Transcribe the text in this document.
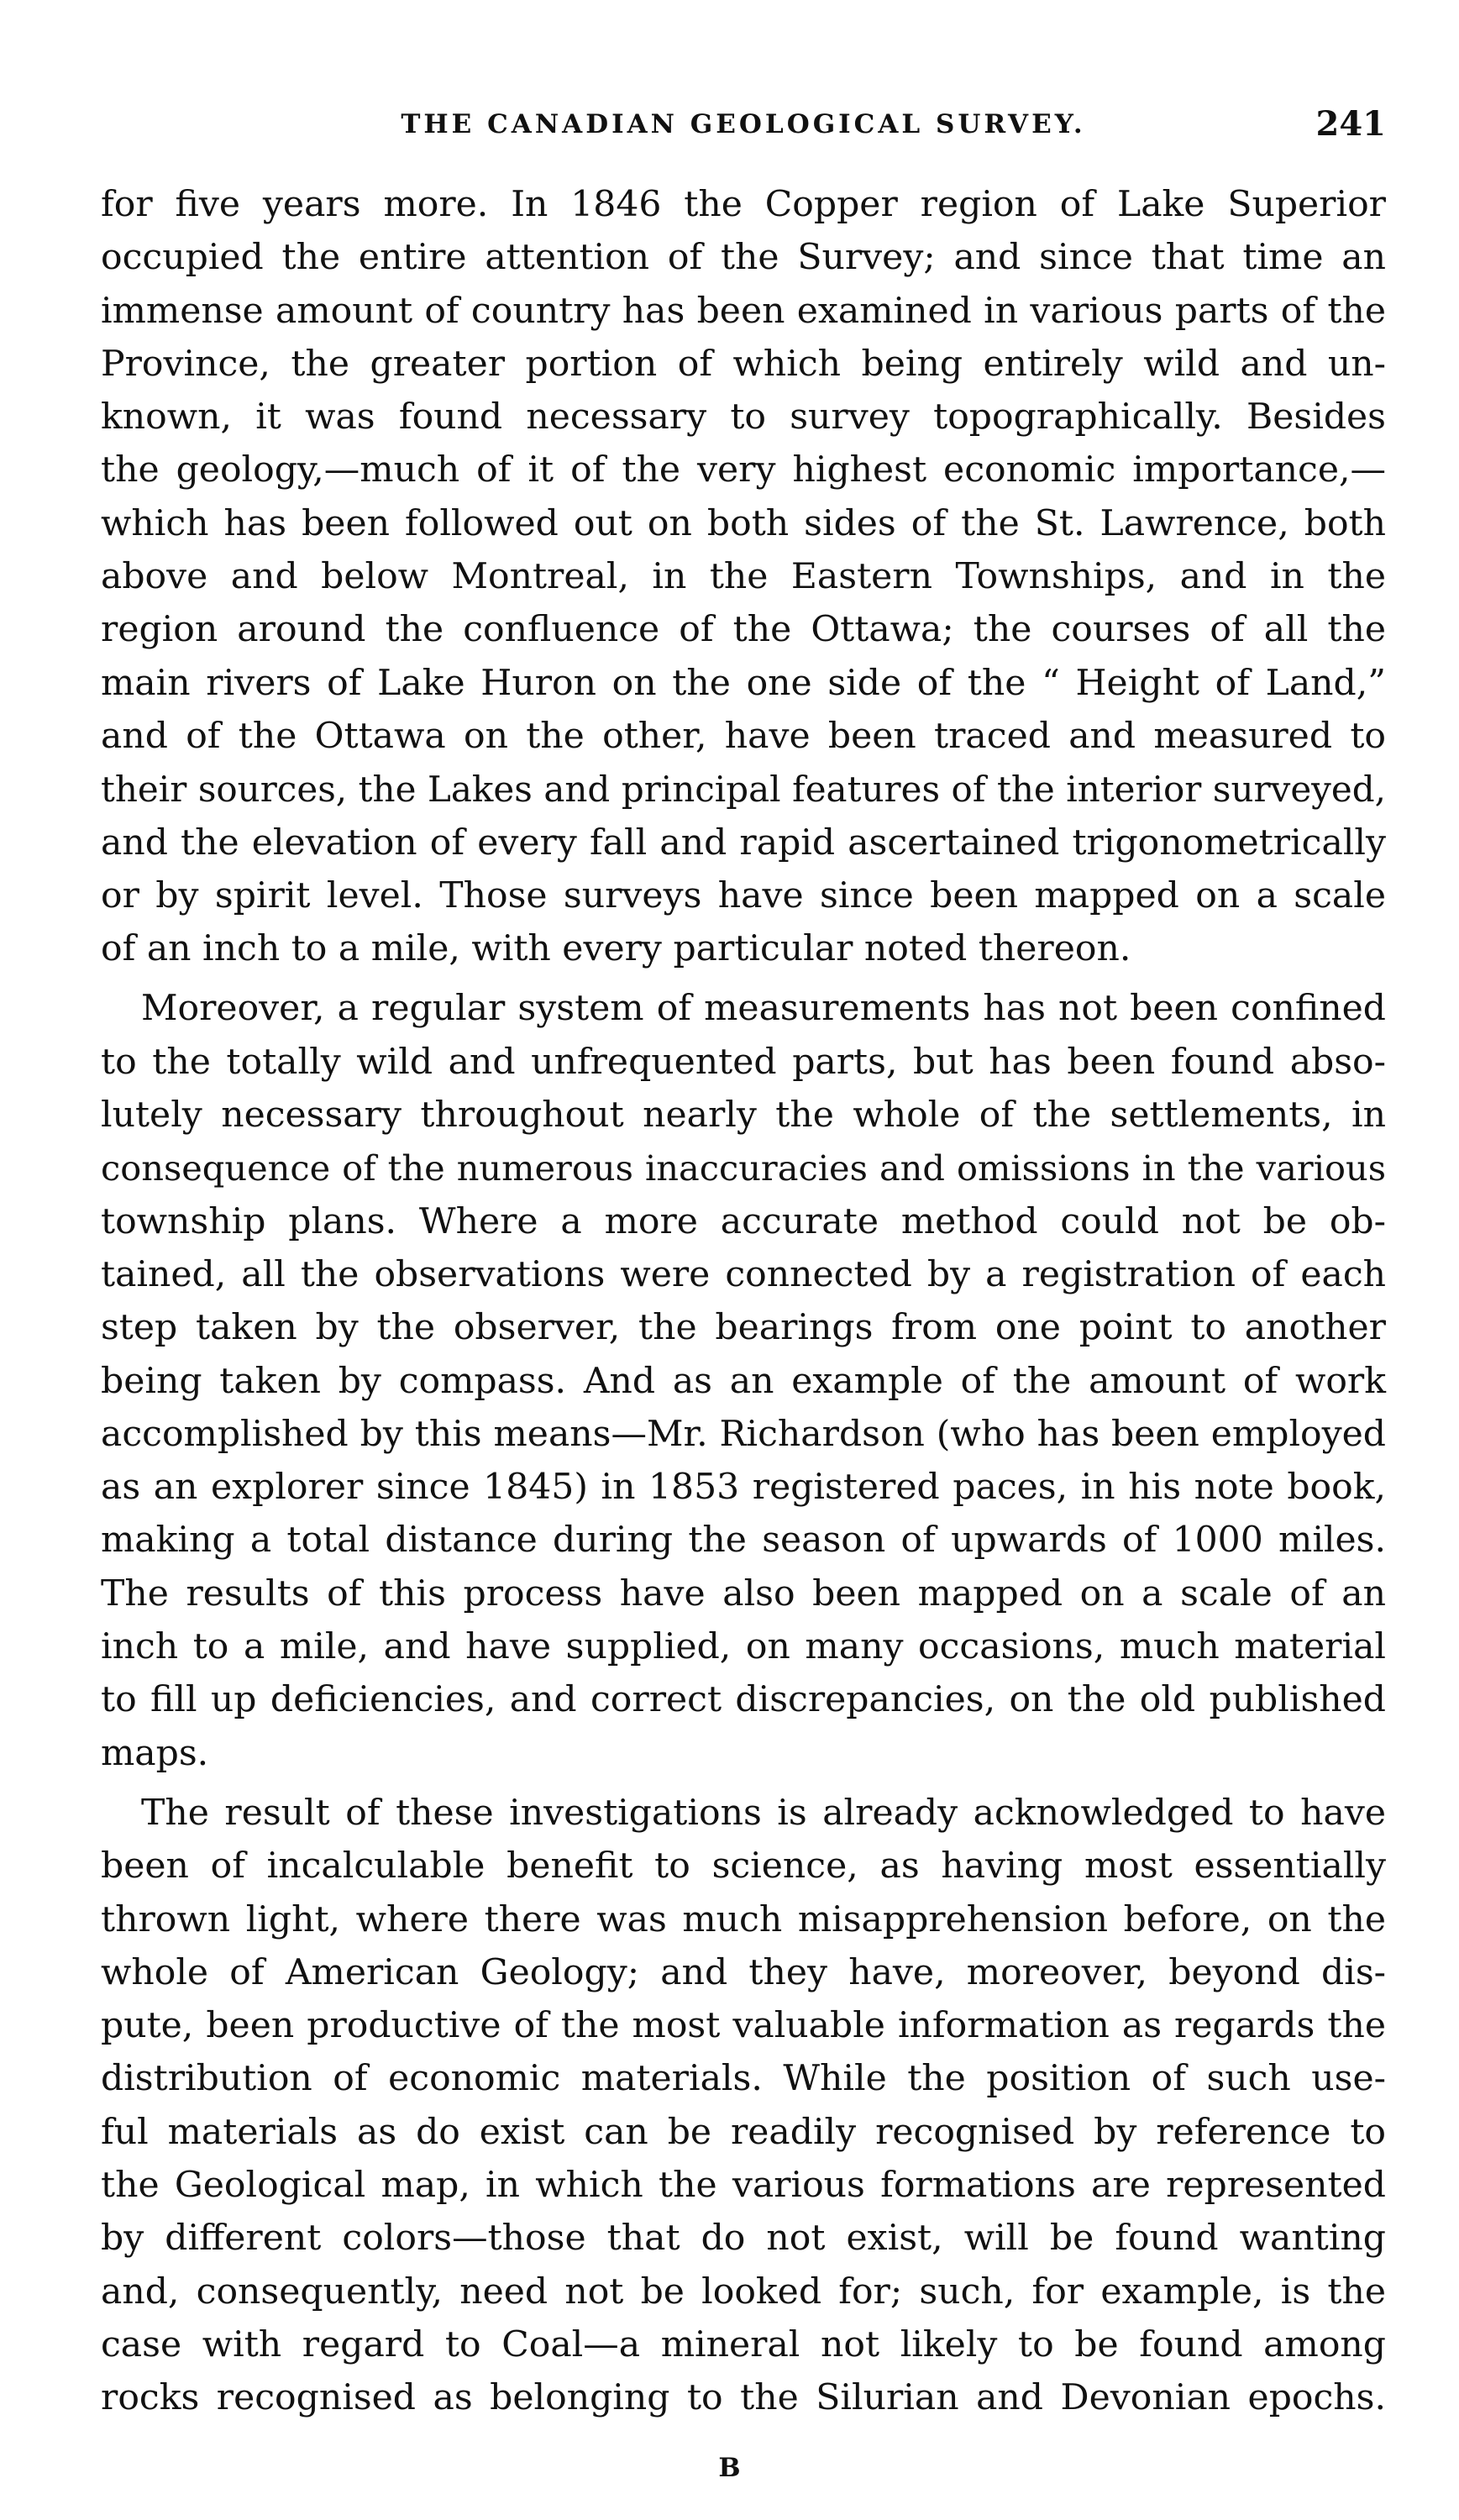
THE CANADIAN GEOLOGICAL SURVEY.	241
for five years more. In 1846 the Copper region of Lake Superior
occupied the entire attention of the Survey; and since that time an
immense amount of country has been examined in various parts of the
Province, the greater portion of which being entirely wild and un-
known, it was found necessary to survey topographically. Besides
the geology,—much of it of the very highest economic importance,—
which has been followed out on both sides of the St. Lawrence, both
above and below Montreal, in the Eastern Townships, and in the
region around the confluence of the Ottawa; the courses of all the
main rivers of Lake Huron on the one side of the “ Height of Land,”
and of the Ottawa on the other, have been traced and measured to
their sources, the Lakes and principal features of the interior surveyed,
and the elevation of every fall and rapid ascertained trigonometrically
or by spirit level. Those surveys have since been mapped on a scale
of an inch to a mile, with every particular noted thereon.
Moreover, a regular system of measurements has not been confined
to the totally wild and unfrequented parts, but has been found abso-
lutely necessary throughout nearly the whole of the settlements, in
consequence of the numerous inaccuracies and omissions in the various
township plans. Where a more accurate method could not be ob-
tained, all the observations were connected by a registration of each
step taken by the observer, the bearings from one point to another
being taken by compass. And as an example of the amount of work
accomplished by this means—Mr. Richardson (who has been employed
as an explorer since 1845) in 1853 registered paces, in his note book,
making a total distance during the season of upwards of 1000 miles.
The results of this process have also been mapped on a scale of an
inch to a mile, and have supplied, on many occasions, much material
to fill up deficiencies, and correct discrepancies, on the old published
maps.
The result of these investigations is already acknowledged to have
been of incalculable benefit to science, as having most essentially
thrown light, where there was much misapprehension before, on the
whole of American Geology; and they have, moreover, beyond dis-
pute, been productive of the most valuable information as regards the
distribution of economic materials. While the position of such use-
ful materials as do exist can be readily recognised by reference to
the Geological map, in which the various formations are represented
by different colors—those that do not exist, will be found wanting
and, consequently, need not be looked for; such, for example, is the
case with regard to Coal—a mineral not likely to be found among
rocks recognised as belonging to the Silurian and Devonian epochs.
B
